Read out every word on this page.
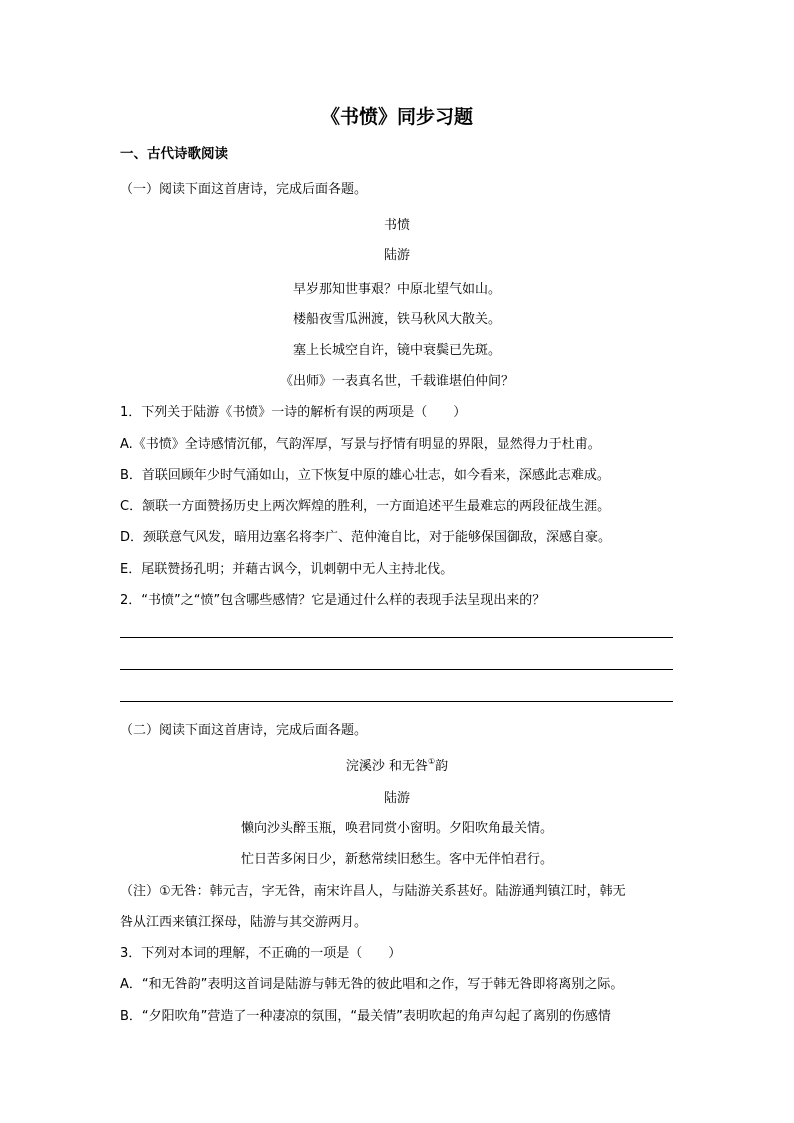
《书愤》同步习题
一、古代诗歌阅读
（一）阅读下面这首唐诗，完成后面各题。
书愤
陆游
早岁那知世事艰？中原北望气如山。
楼船夜雪瓜洲渡，铁马秋风大散关。
塞上长城空自许，镜中衰鬓已先斑。
《出师》一表真名世，千载谁堪伯仲间？
1．下列关于陆游《书愤》一诗的解析有误的两项是（　　）
A.《书愤》全诗感情沉郁，气韵浑厚，写景与抒情有明显的界限，显然得力于杜甫。
B．首联回顾年少时气涌如山，立下恢复中原的雄心壮志，如今看来，深感此志难成。
C．颔联一方面赞扬历史上两次辉煌的胜利，一方面追述平生最难忘的两段征战生涯。
D．颈联意气风发，暗用边塞名将李广、范仲淹自比，对于能够保国御敌，深感自豪。
E．尾联赞扬孔明；并藉古讽今，讥刺朝中无人主持北伐。
2．“书愤”之“愤”包含哪些感情？它是通过什么样的表现手法呈现出来的？
（二）阅读下面这首唐诗，完成后面各题。
浣溪沙 和无咎①韵
陆游
懒向沙头醉玉瓶，唤君同赏小窗明。夕阳吹角最关情。
忙日苦多闲日少，新愁常续旧愁生。客中无伴怕君行。
（注）①无咎：韩元吉，字无咎，南宋许昌人，与陆游关系甚好。陆游通判镇江时，韩无
咎从江西来镇江探母，陆游与其交游两月。
3．下列对本词的理解，不正确的一项是（　　）
A．“和无咎韵”表明这首词是陆游与韩无咎的彼此唱和之作，写于韩无咎即将离别之际。
B．“夕阳吹角”营造了一种凄凉的氛围，“最关情”表明吹起的角声勾起了离别的伤感情
